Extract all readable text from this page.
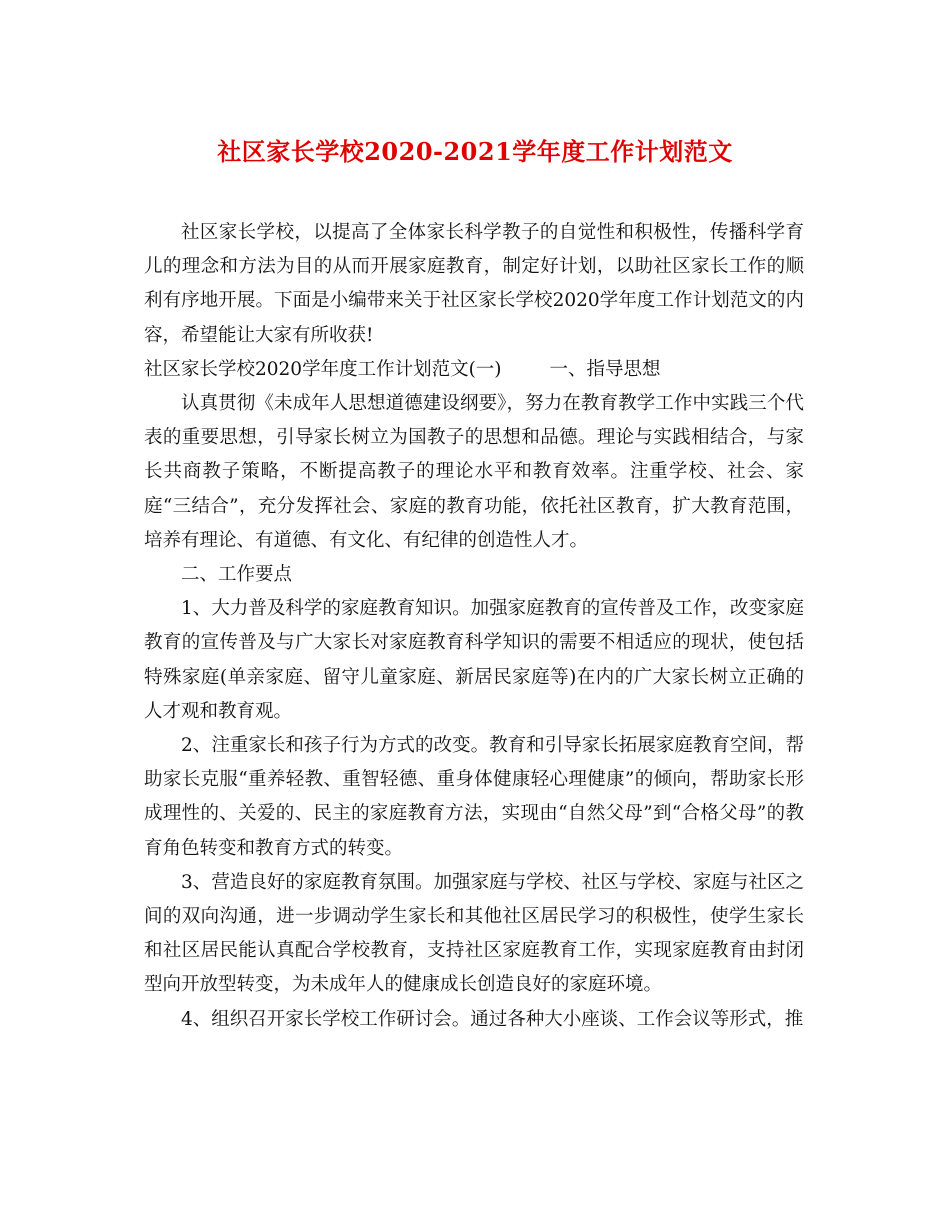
社区家长学校2020-2021学年度工作计划范文

社区家长学校，以提高了全体家长科学教子的自觉性和积极性，传播科学育儿的理念和方法为目的从而开展家庭教育，制定好计划，以助社区家长工作的顺利有序地开展。下面是小编带来关于社区家长学校2020学年度工作计划范文的内容，希望能让大家有所收获!

社区家长学校2020学年度工作计划范文(一)	一、指导思想

认真贯彻《未成年人思想道德建设纲要》，努力在教育教学工作中实践三个代表的重要思想，引导家长树立为国教子的思想和品德。理论与实践相结合，与家长共商教子策略，不断提高教子的理论水平和教育效率。注重学校、社会、家庭“三结合”，充分发挥社会、家庭的教育功能，依托社区教育，扩大教育范围，培养有理论、有道德、有文化、有纪律的创造性人才。

二、工作要点

1、大力普及科学的家庭教育知识。加强家庭教育的宣传普及工作，改变家庭教育的宣传普及与广大家长对家庭教育科学知识的需要不相适应的现状，使包括特殊家庭(单亲家庭、留守儿童家庭、新居民家庭等)在内的广大家长树立正确的人才观和教育观。

2、注重家长和孩子行为方式的改变。教育和引导家长拓展家庭教育空间，帮助家长克服“重养轻教、重智轻德、重身体健康轻心理健康”的倾向，帮助家长形成理性的、关爱的、民主的家庭教育方法，实现由“自然父母”到“合格父母”的教育角色转变和教育方式的转变。

3、营造良好的家庭教育氛围。加强家庭与学校、社区与学校、家庭与社区之间的双向沟通，进一步调动学生家长和其他社区居民学习的积极性，使学生家长和社区居民能认真配合学校教育，支持社区家庭教育工作，实现家庭教育由封闭型向开放型转变，为未成年人的健康成长创造良好的家庭环境。

4、组织召开家长学校工作研讨会。通过各种大小座谈、工作会议等形式，推
